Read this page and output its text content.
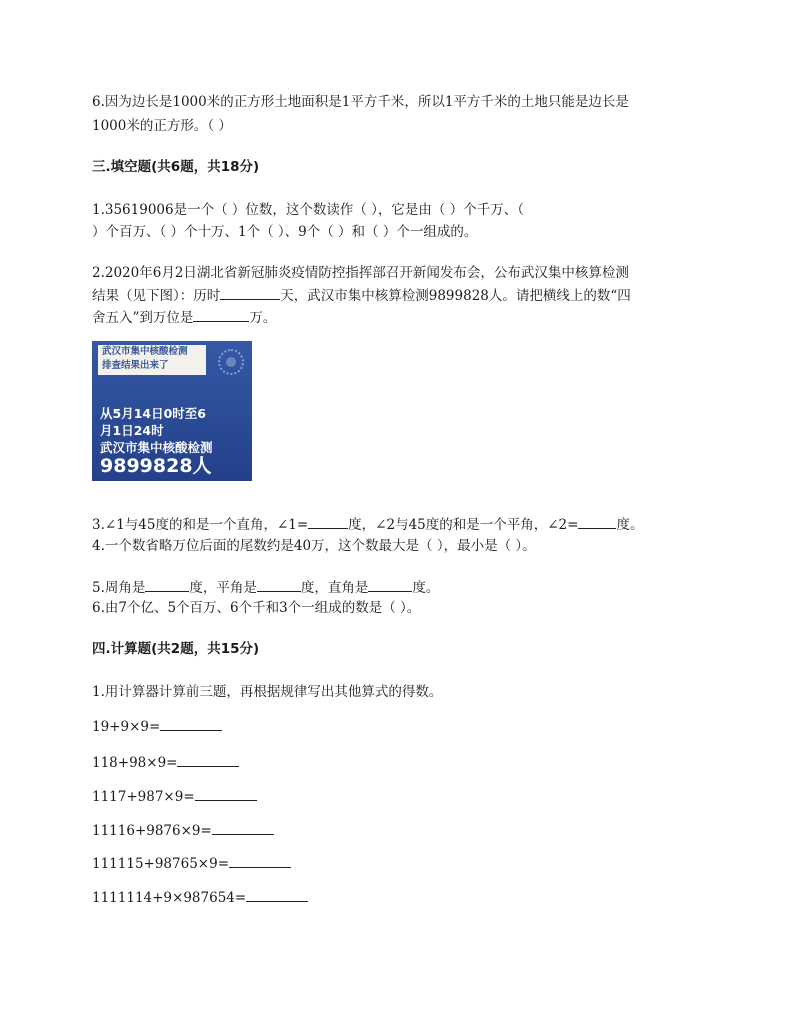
6.因为边长是1000米的正方形土地面积是1平方千米，所以1平方千米的土地只能是边长是
1000米的正方形。（ ）
三.填空题(共6题，共18分)
1.35619006是一个（ ）位数，这个数读作（ ），它是由（ ）个千万、（
）个百万、（ ）个十万、1个（ ）、9个（ ）和（ ）个一组成的。
2.2020年6月2日湖北省新冠肺炎疫情防控指挥部召开新闻发布会，公布武汉集中核算检测
结果（见下图）：历时	天，武汉市集中核算检测9899828人。请把横线上的数“四
舍五入”到万位是	万。
武汉市集中核酸检测
排查结果出来了
从5月14日0时至6
月1日24时
武汉市集中核酸检测
9899828人
3.∠1与45度的和是一个直角，∠1=	度，∠2与45度的和是一个平角，∠2=	度。
4.一个数省略万位后面的尾数约是40万，这个数最大是（ ），最小是（ ）。
5.周角是	度，平角是	度，直角是	度。
6.由7个亿、5个百万、6个千和3个一组成的数是（ ）。
四.计算题(共2题，共15分)
1.用计算器计算前三题，再根据规律写出其他算式的得数。
19+9×9=
118+98×9=
1117+987×9=
11116+9876×9=
111115+98765×9=
1111114+9×987654=
